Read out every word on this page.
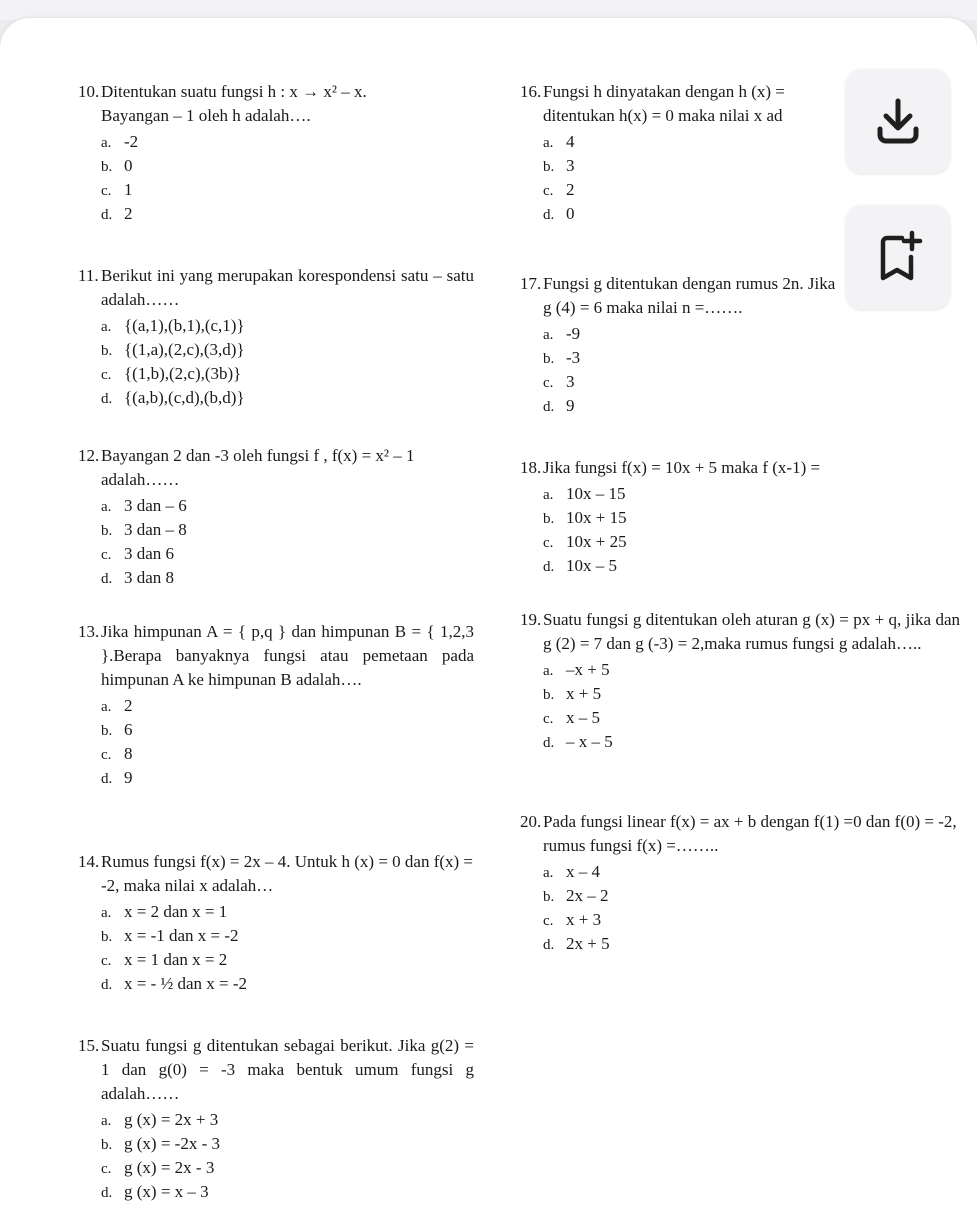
10. Ditentukan suatu fungsi h : x → x² – x. Bayangan – 1 oleh h adalah….

a. -2
b. 0
c. 1
d. 2
11. Berikut ini yang merupakan korespondensi satu – satu adalah……

a. {(a,1),(b,1),(c,1)}
b. {(1,a),(2,c),(3,d)}
c. {(1,b),(2,c),(3b)}
d. {(a,b),(c,d),(b,d)}
12. Bayangan 2 dan -3 oleh fungsi f , f(x) = x² – 1 adalah……

a. 3 dan – 6
b. 3 dan – 8
c. 3 dan 6
d. 3 dan 8
13. Jika himpunan A = { p,q } dan himpunan B = { 1,2,3 }.Berapa banyaknya fungsi atau pemetaan pada himpunan A ke himpunan B adalah….

a. 2
b. 6
c. 8
d. 9
14. Rumus fungsi f(x) = 2x – 4. Untuk h (x) = 0 dan f(x) = -2, maka nilai x adalah…

a. x = 2 dan x = 1
b. x = -1 dan x = -2
c. x = 1 dan x = 2
d. x = - ½ dan x = -2
15. Suatu fungsi g ditentukan sebagai berikut. Jika g(2) = 1 dan g(0) = -3 maka bentuk umum fungsi g adalah……

a. g (x) = 2x + 3
b. g (x) = -2x - 3
c. g (x) = 2x - 3
d. g (x) = x – 3
16. Fungsi h dinyatakan dengan h (x) = ditentukan h(x) = 0 maka nilai x ad

a. 4
b. 3
c. 2
d. 0
17. Fungsi g ditentukan dengan rumus 2n. Jika g (4) = 6 maka nilai n =…….

a. -9
b. -3
c. 3
d. 9
18. Jika fungsi f(x) = 10x + 5 maka f (x-1) =

a. 10x – 15
b. 10x + 15
c. 10x + 25
d. 10x – 5
19. Suatu fungsi g ditentukan oleh aturan g (x) = px + q, jika dan g (2) = 7 dan g (-3) = 2,maka rumus fungsi g adalah…..

a. –x + 5
b. x + 5
c. x – 5
d. – x – 5
20. Pada fungsi linear f(x) = ax + b dengan f(1) =0 dan f(0) = -2, rumus fungsi f(x) =……..

a. x – 4
b. 2x – 2
c. x + 3
d. 2x + 5
